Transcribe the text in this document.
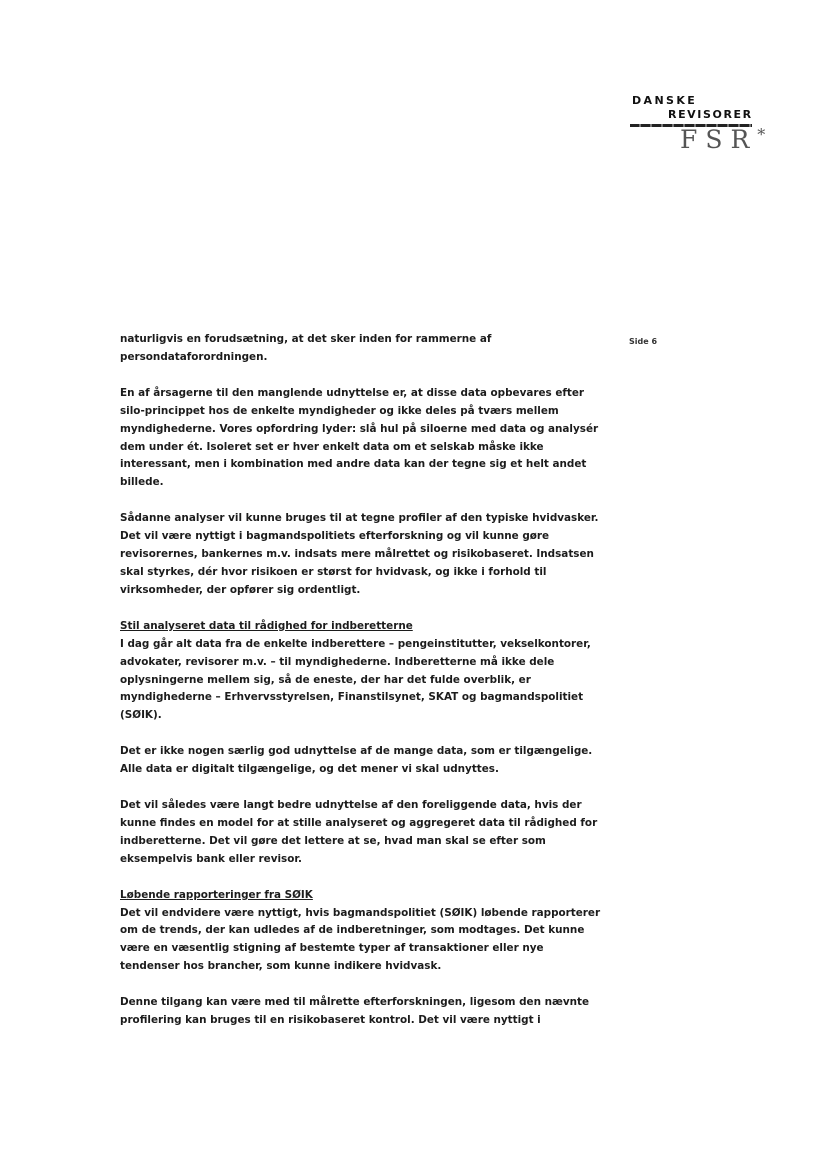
DANSKE
REVISORER
FSR*
Side 6

naturligvis en forudsætning, at det sker inden for rammerne af
persondataforordningen.

En af årsagerne til den manglende udnyttelse er, at disse data opbevares efter
silo-princippet hos de enkelte myndigheder og ikke deles på tværs mellem
myndighederne. Vores opfordring lyder: slå hul på siloerne med data og analysér
dem under ét. Isoleret set er hver enkelt data om et selskab måske ikke
interessant, men i kombination med andre data kan der tegne sig et helt andet
billede.

Sådanne analyser vil kunne bruges til at tegne profiler af den typiske hvidvasker.
Det vil være nyttigt i bagmandspolitiets efterforskning og vil kunne gøre
revisorernes, bankernes m.v. indsats mere målrettet og risikobaseret. Indsatsen
skal styrkes, dér hvor risikoen er størst for hvidvask, og ikke i forhold til
virksomheder, der opfører sig ordentligt.

Stil analyseret data til rådighed for indberetterne
I dag går alt data fra de enkelte indberettere – pengeinstitutter, vekselkontorer,
advokater, revisorer m.v. – til myndighederne. Indberetterne må ikke dele
oplysningerne mellem sig, så de eneste, der har det fulde overblik, er
myndighederne – Erhvervsstyrelsen, Finanstilsynet, SKAT og bagmandspolitiet
(SØIK).

Det er ikke nogen særlig god udnyttelse af de mange data, som er tilgængelige.
Alle data er digitalt tilgængelige, og det mener vi skal udnyttes.

Det vil således være langt bedre udnyttelse af den foreliggende data, hvis der
kunne findes en model for at stille analyseret og aggregeret data til rådighed for
indberetterne. Det vil gøre det lettere at se, hvad man skal se efter som
eksempelvis bank eller revisor.

Løbende rapporteringer fra SØIK
Det vil endvidere være nyttigt, hvis bagmandspolitiet (SØIK) løbende rapporterer
om de trends, der kan udledes af de indberetninger, som modtages. Det kunne
være en væsentlig stigning af bestemte typer af transaktioner eller nye
tendenser hos brancher, som kunne indikere hvidvask.

Denne tilgang kan være med til målrette efterforskningen, ligesom den nævnte
profilering kan bruges til en risikobaseret kontrol. Det vil være nyttigt i
